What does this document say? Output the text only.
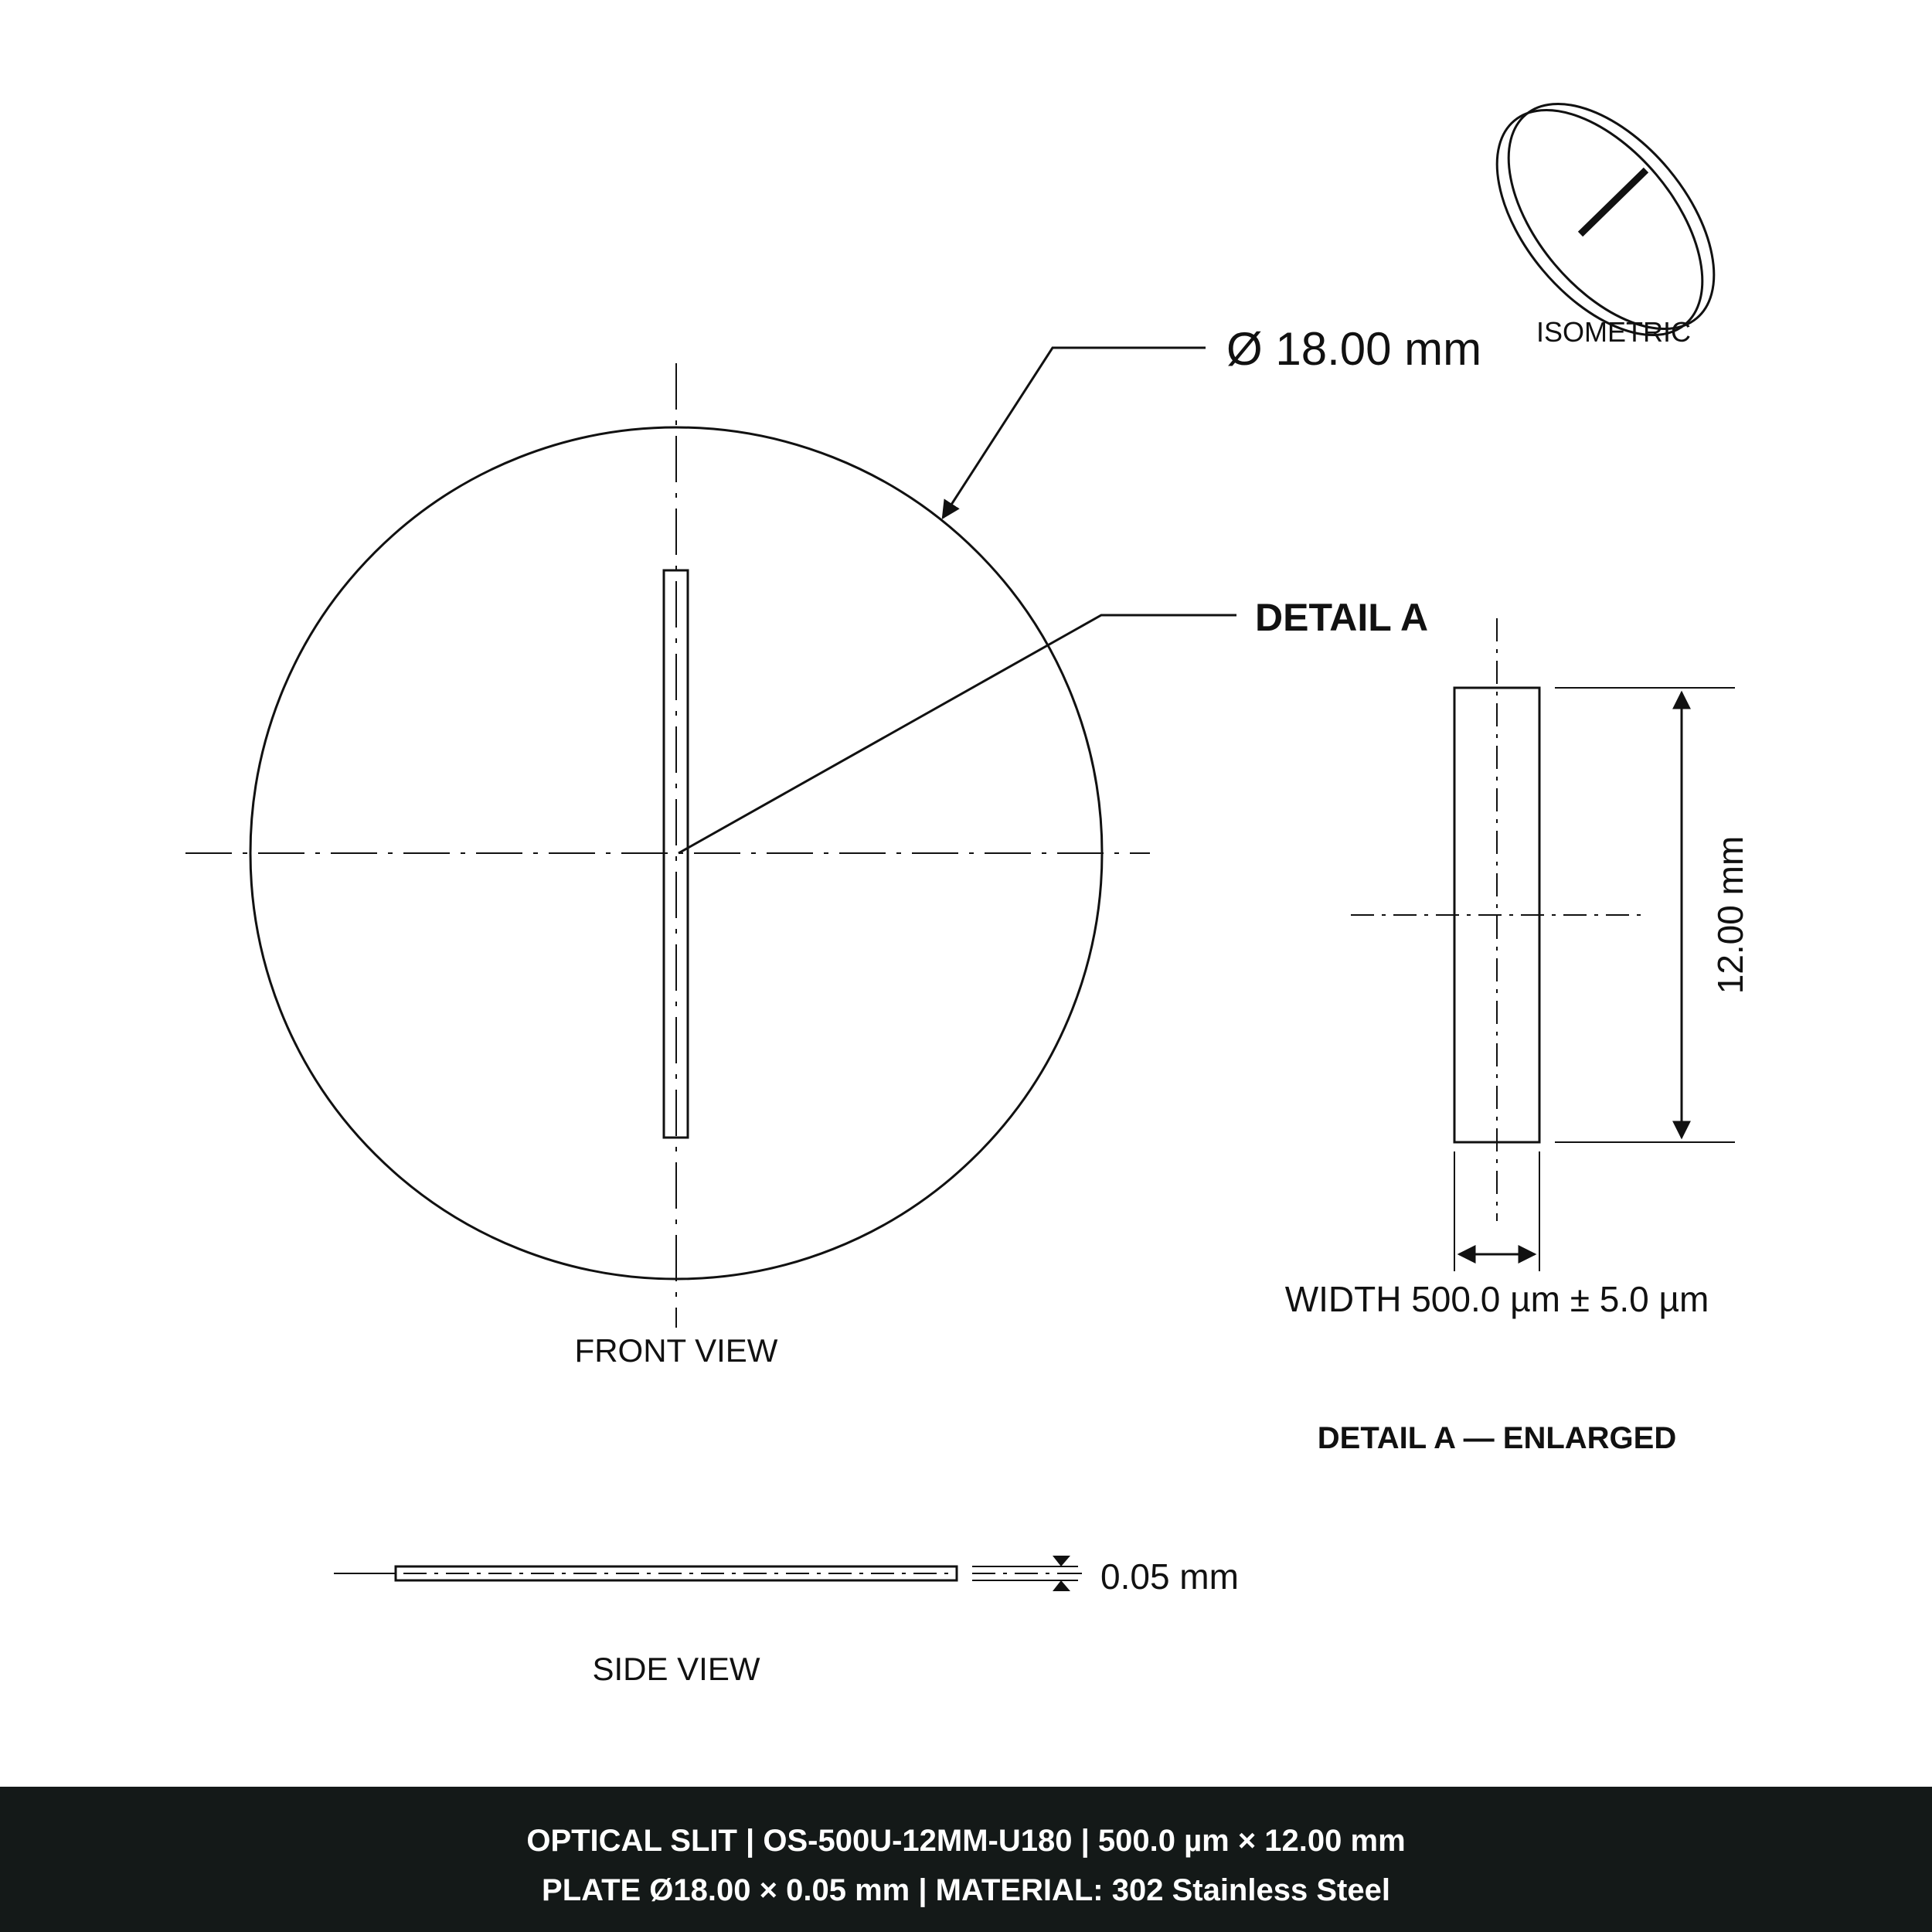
FRONT VIEW
Ø 18.00 mm
DETAIL A
ISOMETRIC
12.00 mm
WIDTH 500.0 µm ± 5.0 µm
DETAIL A — ENLARGED
0.05 mm
SIDE VIEW
OPTICAL SLIT | OS-500U-12MM-U180 | 500.0 µm × 12.00 mm
PLATE Ø18.00 × 0.05 mm | MATERIAL: 302 Stainless Steel
